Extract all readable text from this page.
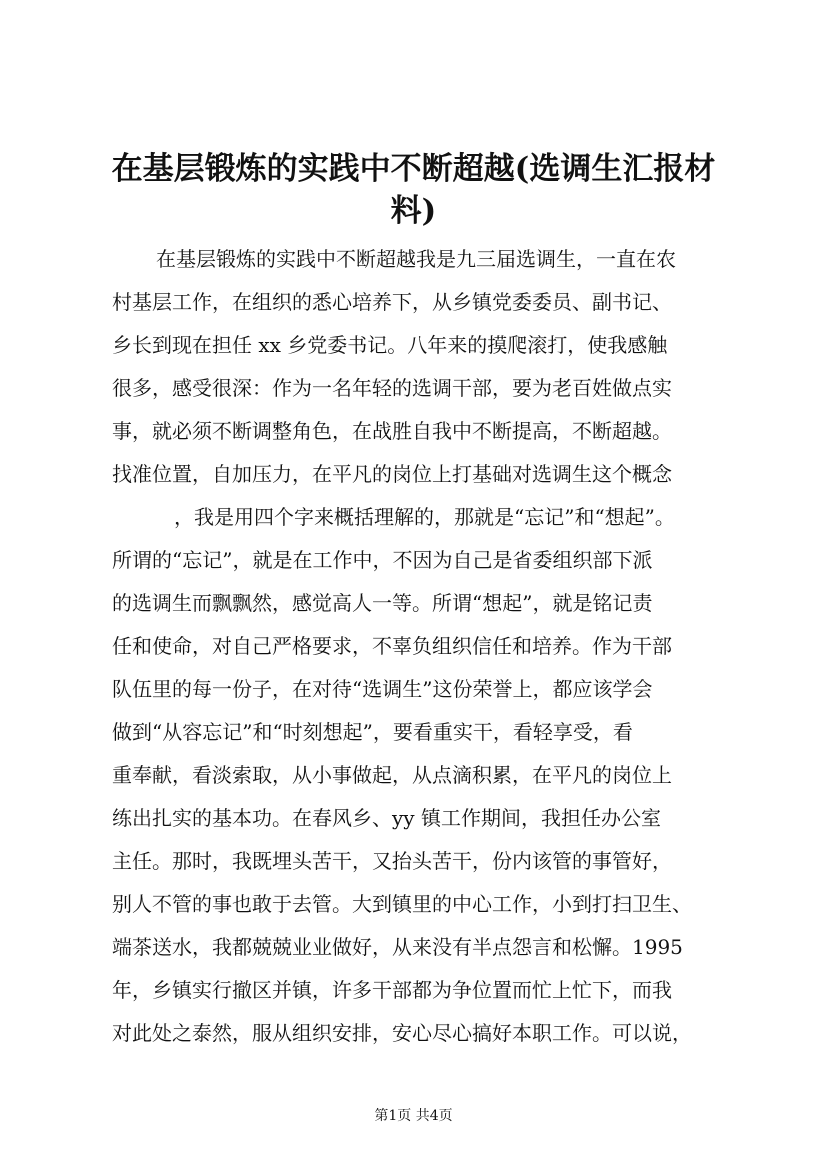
在基层锻炼的实践中不断超越(选调生汇报材
料)
在基层锻炼的实践中不断超越我是九三届选调生，一直在农
村基层工作，在组织的悉心培养下，从乡镇党委委员、副书记、
乡长到现在担任 xx 乡党委书记。八年来的摸爬滚打，使我感触
很多，感受很深：作为一名年轻的选调干部，要为老百姓做点实
事，就必须不断调整角色，在战胜自我中不断提高，不断超越。
找准位置，自加压力，在平凡的岗位上打基础对选调生这个概念
，我是用四个字来概括理解的，那就是“忘记”和“想起”。
所谓的“忘记”，就是在工作中，不因为自己是省委组织部下派
的选调生而飘飘然，感觉高人一等。所谓“想起”，就是铭记责
任和使命，对自己严格要求，不辜负组织信任和培养。作为干部
队伍里的每一份子，在对待“选调生”这份荣誉上，都应该学会
做到“从容忘记”和“时刻想起”，要看重实干，看轻享受，看
重奉献，看淡索取，从小事做起，从点滴积累，在平凡的岗位上
练出扎实的基本功。在春风乡、yy 镇工作期间，我担任办公室
主任。那时，我既埋头苦干，又抬头苦干，份内该管的事管好，
别人不管的事也敢于去管。大到镇里的中心工作，小到打扫卫生、
端茶送水，我都兢兢业业做好，从来没有半点怨言和松懈。1995
年，乡镇实行撤区并镇，许多干部都为争位置而忙上忙下，而我
对此处之泰然，服从组织安排，安心尽心搞好本职工作。可以说，
第1页 共4页
